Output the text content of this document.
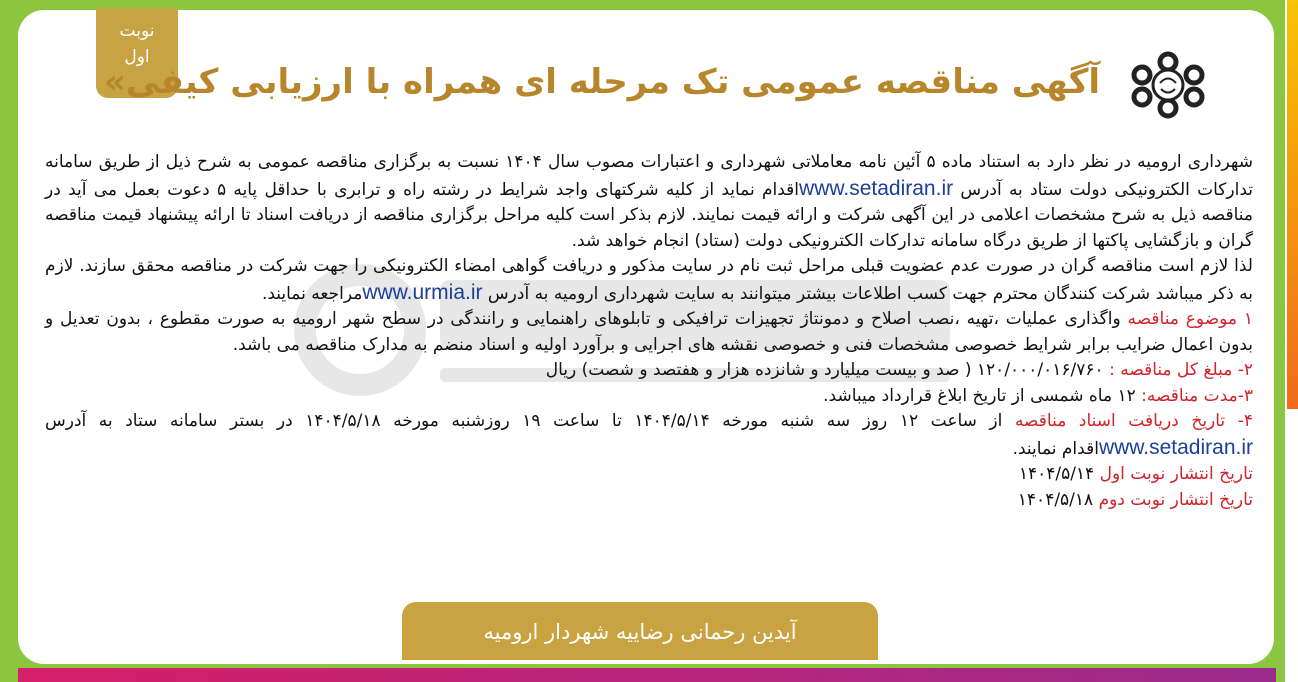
نوبت
اول
آگهی مناقصه عمومی تک مرحله ای همراه با ارزیابی کیفی»

شهرداری ارومیه در نظر دارد به استناد ماده ۵ آئین نامه معاملاتی شهرداری و اعتبارات مصوب سال ۱۴۰۴ نسبت به برگزاری مناقصه عمومی به شرح ذیل از طریق سامانه تدارکات الکترونیکی دولت ستاد به آدرس www.setadiran.irاقدام نماید از کلیه شرکتهای واجد شرایط در رشته راه و ترابری با حداقل پایه ۵ دعوت بعمل می آید در مناقصه ذیل به شرح مشخصات اعلامی در این آگهی شرکت و ارائه قیمت نمایند. لازم بذکر است کلیه مراحل برگزاری مناقصه از دریافت اسناد تا ارائه پیشنهاد قیمت مناقصه گران و بازگشایی پاکتها از طریق درگاه سامانه تدارکات الکترونیکی دولت (ستاد) انجام خواهد شد.

لذا لازم است مناقصه گران در صورت عدم عضویت قبلی مراحل ثبت نام در سایت مذکور و دریافت گواهی امضاء الکترونیکی را جهت شرکت در مناقصه محقق سازند. لازم به ذکر میباشد شرکت کنندگان محترم جهت کسب اطلاعات بیشتر میتوانند به سایت شهرداری ارومیه به آدرس www.urmia.irمراجعه نمایند.

۱ موضوع مناقصه واگذاری عملیات ،تهیه ،نصب اصلاح و دمونتاژ تجهیزات ترافیکی و تابلوهای راهنمایی و رانندگی در سطح شهر ارومیه به صورت مقطوع ، بدون تعدیل و بدون اعمال ضرایب برابر شرایط خصوصی مشخصات فنی و خصوصی نقشه های اجرایی و برآورد اولیه و اسناد منضم به مدارک مناقصه می باشد.

۲- مبلغ کل مناقصه : ۱۲۰/۰۰۰/۰۱۶/۷۶۰ ( صد و بیست میلیارد و شانزده هزار و هفتصد و شصت) ریال

۳-مدت مناقصه: ۱۲ ماه شمسی از تاریخ ابلاغ قرارداد میباشد.

۴- تاریخ دریافت اسناد مناقصه از ساعت ۱۲ روز سه شنبه مورخه ۱۴۰۴/۵/۱۴ تا ساعت ۱۹ روزشنبه مورخه ۱۴۰۴/۵/۱۸ در بستر سامانه ستاد به آدرس www.setadiran.irاقدام نمایند.

تاریخ انتشار نوبت اول ۱۴۰۴/۵/۱۴

تاریخ انتشار نوبت دوم ۱۴۰۴/۵/۱۸

آیدین رحمانی رضاییه شهردار ارومیه
